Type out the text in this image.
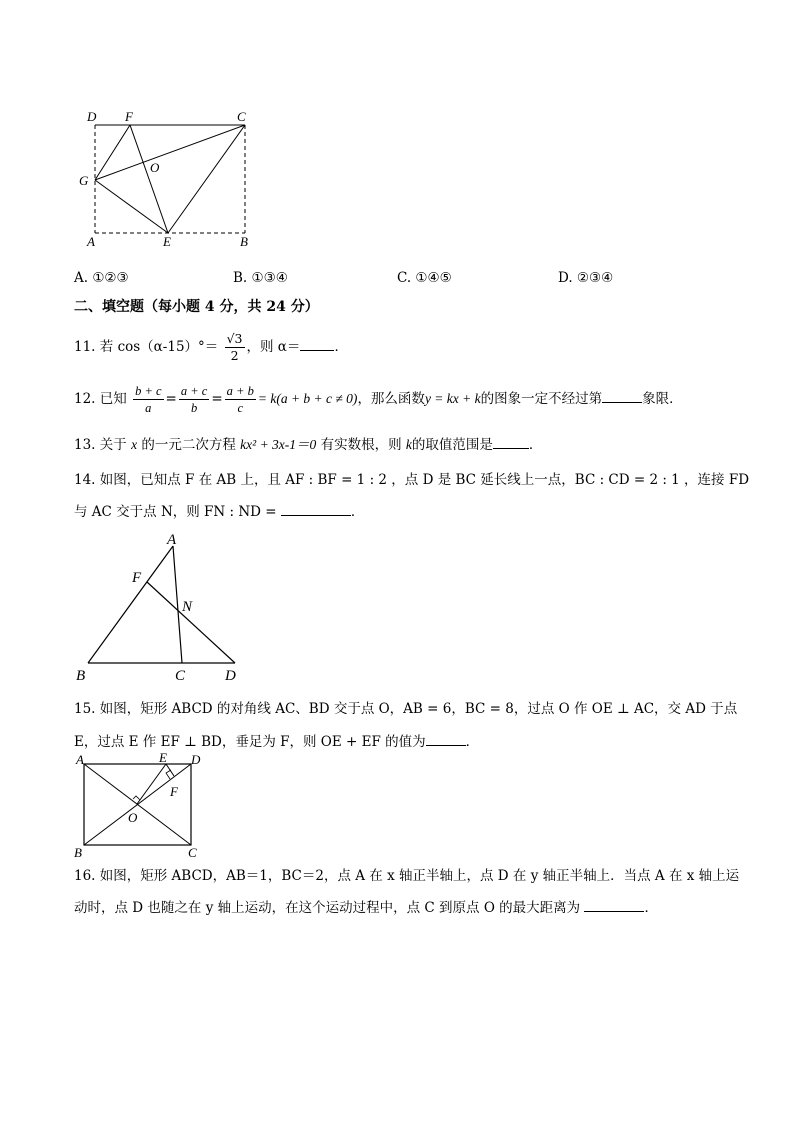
D F	C
O
G
A	E	B
A. ①②③	B. ①③④	C. ①④⑤	D. ②③④
二、填空题（每小题 4 分，共 24 分）
11. 若 $\cos(\alpha-15)^\circ= \frac{√3}{2}$ ，则 α＝	．
12. 已知 $\frac{b + c}{a} = \frac{a + c}{b} = \frac{a + b}{c} = k(a + b + c \ne 0)$，那么函数y = kx + k的图象一定不经过第	象限．
13. 关于 x 的一元二次方程 kx² + 3x-1＝0 有实数根，则 k的取值范围是	．
14. 如图，已知点 F 在 AB 上，且 AF : BF = 1 : 2 ，点 D 是 BC 延长线上一点，BC : CD = 2 : 1 ，连接 FD
与 AC 交于点 N，则 FN : ND =	．
A
F
N
B	C	D
15. 如图，矩形 ABCD 的对角线 AC、BD 交于点 O，AB = 6，BC = 8，过点 O 作 OE ⊥ AC，交 AD 于点
E，过点 E 作 EF ⊥ BD，垂足为 F，则 OE + EF 的值为	．
A	E D
F
O
B	C
16. 如图，矩形 ABCD，AB＝1，BC＝2，点 A 在 x 轴正半轴上，点 D 在 y 轴正半轴上．当点 A 在 x 轴上运
动时，点 D 也随之在 y 轴上运动，在这个运动过程中，点 C 到原点 O 的最大距离为	．
